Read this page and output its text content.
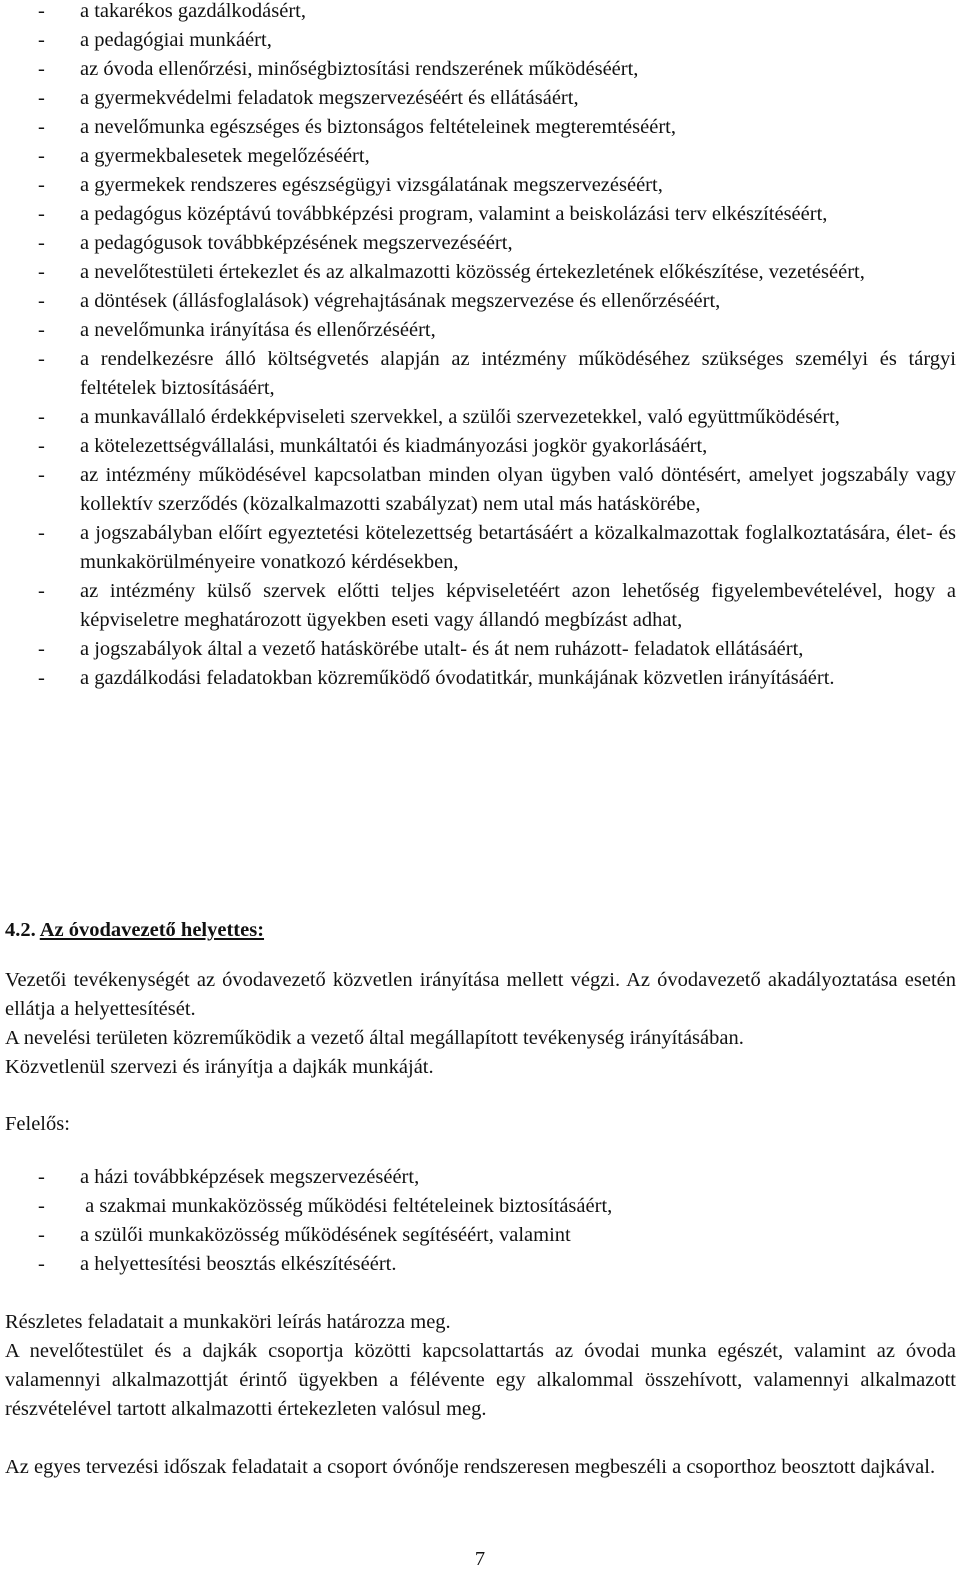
- a takarékos gazdálkodásért,
- a pedagógiai munkáért,
- az óvoda ellenőrzési, minőségbiztosítási rendszerének működéséért,
- a gyermekvédelmi feladatok megszervezéséért és ellátásáért,
- a nevelőmunka egészséges és biztonságos feltételeinek megteremtéséért,
- a gyermekbalesetek megelőzéséért,
- a gyermekek rendszeres egészségügyi vizsgálatának megszervezéséért,
- a pedagógus középtávú továbbképzési program, valamint a beiskolázási terv elkészítéséért,
- a pedagógusok továbbképzésének megszervezéséért,
- a nevelőtestületi értekezlet és az alkalmazotti közösség értekezletének előkészítése, vezetéséért,
- a döntések (állásfoglalások) végrehajtásának megszervezése és ellenőrzéséért,
- a nevelőmunka irányítása és ellenőrzéséért,
- a rendelkezésre álló költségvetés alapján az intézmény működéséhez szükséges személyi és tárgyi feltételek biztosításáért,
- a munkavállaló érdekképviseleti szervekkel, a szülői szervezetekkel, való együttműködésért,
- a kötelezettségvállalási, munkáltatói és kiadmányozási jogkör gyakorlásáért,
- az intézmény működésével kapcsolatban minden olyan ügyben való döntésért, amelyet jogszabály vagy kollektív szerződés (közalkalmazotti szabályzat) nem utal más hatáskörébe,
- a jogszabályban előírt egyeztetési kötelezettség betartásáért a közalkalmazottak foglalkoztatására, élet- és munkakörülményeire vonatkozó kérdésekben,
- az intézmény külső szervek előtti teljes képviseletéért azon lehetőség figyelembevételével, hogy a képviseletre meghatározott ügyekben eseti vagy állandó megbízást adhat,
- a jogszabályok által a vezető hatáskörébe utalt- és át nem ruházott- feladatok ellátásáért,
- a gazdálkodási feladatokban közreműködő óvodatitkár, munkájának közvetlen irányításáért.
4.2. Az óvodavezető helyettes:

Vezetői tevékenységét az óvodavezető közvetlen irányítása mellett végzi. Az óvodavezető akadályoztatása esetén ellátja a helyettesítését.

A nevelési területen közreműködik a vezető által megállapított tevékenység irányításában.

Közvetlenül szervezi és irányítja a dajkák munkáját.

Felelős:

- a házi továbbképzések megszervezéséért,
- a szakmai munkaközösség működési feltételeinek biztosításáért,
- a szülői munkaközösség működésének segítéséért, valamint
- a helyettesítési beosztás elkészítéséért.

Részletes feladatait a munkaköri leírás határozza meg.

A nevelőtestület és a dajkák csoportja közötti kapcsolattartás az óvodai munka egészét, valamint az óvoda valamennyi alkalmazottját érintő ügyekben a félévente egy alkalommal összehívott, valamennyi alkalmazott részvételével tartott alkalmazotti értekezleten valósul meg.

Az egyes tervezési időszak feladatait a csoport óvónője rendszeresen megbeszéli a csoporthoz beosztott dajkával.

7
